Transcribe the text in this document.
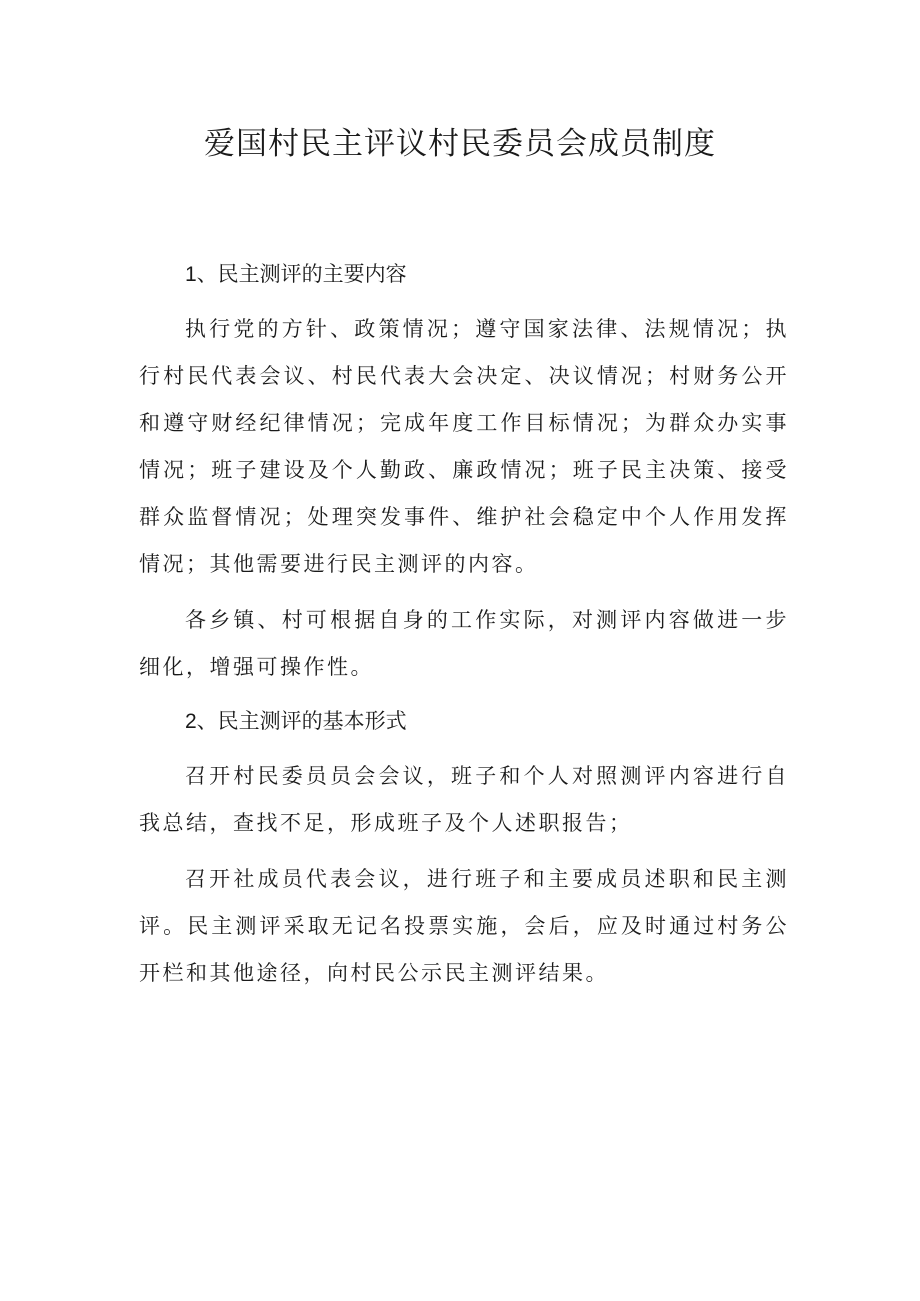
爱国村民主评议村民委员会成员制度
1、民主测评的主要内容

执行党的方针、政策情况；遵守国家法律、法规情况；执行村民代表会议、村民代表大会决定、决议情况；村财务公开和遵守财经纪律情况；完成年度工作目标情况；为群众办实事情况；班子建设及个人勤政、廉政情况；班子民主决策、接受群众监督情况；处理突发事件、维护社会稳定中个人作用发挥情况；其他需要进行民主测评的内容。

各乡镇、村可根据自身的工作实际，对测评内容做进一步细化，增强可操作性。

2、民主测评的基本形式

召开村民委员员会会议，班子和个人对照测评内容进行自我总结，查找不足，形成班子及个人述职报告；

召开社成员代表会议，进行班子和主要成员述职和民主测评。民主测评采取无记名投票实施，会后，应及时通过村务公开栏和其他途径，向村民公示民主测评结果。
